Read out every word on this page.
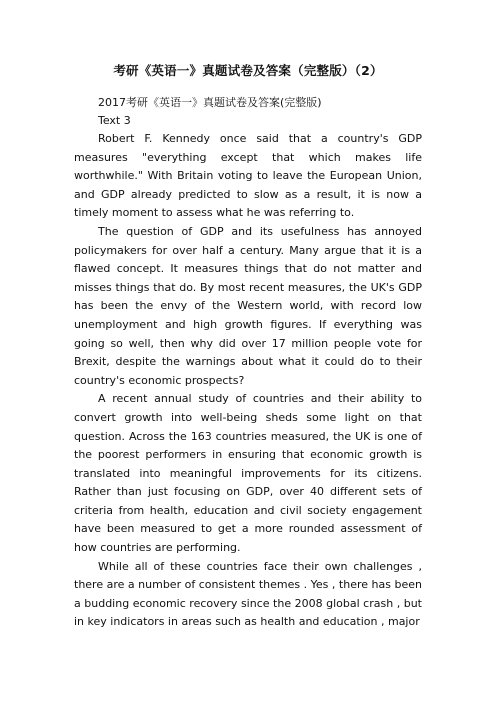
考研《英语一》真题试卷及答案（完整版）（2）

2017考研《英语一》真题试卷及答案(完整版)

Text 3

Robert F. Kennedy once said that a country's GDP measures "everything except that which makes life worthwhile." With Britain voting to leave the European Union, and GDP already predicted to slow as a result, it is now a timely moment to assess what he was referring to.

The question of GDP and its usefulness has annoyed policymakers for over half a century. Many argue that it is a flawed concept. It measures things that do not matter and misses things that do. By most recent measures, the UK's GDP has been the envy of the Western world, with record low unemployment and high growth figures. If everything was going so well, then why did over 17 million people vote for Brexit, despite the warnings about what it could do to their country's economic prospects?

A recent annual study of countries and their ability to convert growth into well-being sheds some light on that question. Across the 163 countries measured, the UK is one of the poorest performers in ensuring that economic growth is translated into meaningful improvements for its citizens. Rather than just focusing on GDP, over 40 different sets of criteria from health, education and civil society engagement have been measured to get a more rounded assessment of how countries are performing.

While all of these countries face their own challenges , there are a number of consistent themes . Yes , there has been a budding economic recovery since the 2008 global crash , but in key indicators in areas such as health and education , major
